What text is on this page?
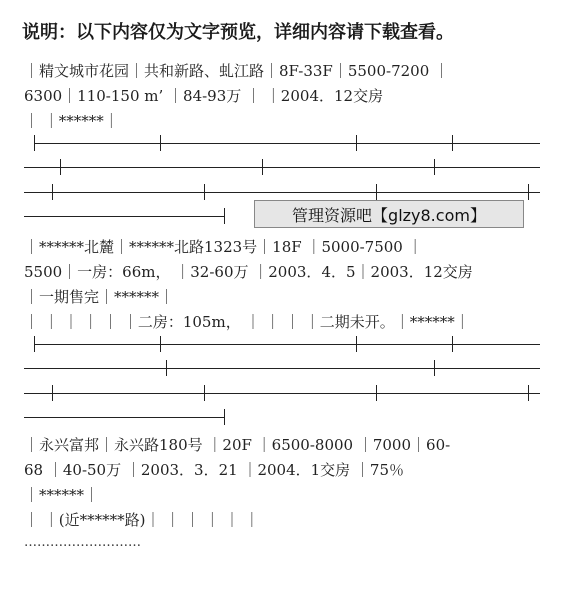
说明：以下内容仅为文字预览，详细内容请下载查看。
｜精文城市花园｜共和新路、虬江路｜8F-33F｜5500-7200 ｜
6300｜110-150 m’ ｜84-93万 ｜ ｜2004．12交房
｜ ｜******｜
管理资源吧【glzy8.com】
｜******北麓｜******北路1323号｜18F ｜5000-7500 ｜
5500｜一房：66m， ｜32-60万 ｜2003．4．5｜2003．12交房
｜一期售完｜******｜
｜ ｜ ｜ ｜ ｜ ｜二房：105m， ｜ ｜ ｜ ｜二期未开。｜******｜
｜永兴富邦｜永兴路180号 ｜20F ｜6500-8000 ｜7000｜60-
68 ｜40-50万 ｜2003．3．21 ｜2004．1交房 ｜75％
｜******｜
｜ ｜(近******路)｜ ｜ ｜ ｜ ｜ ｜
………………………
